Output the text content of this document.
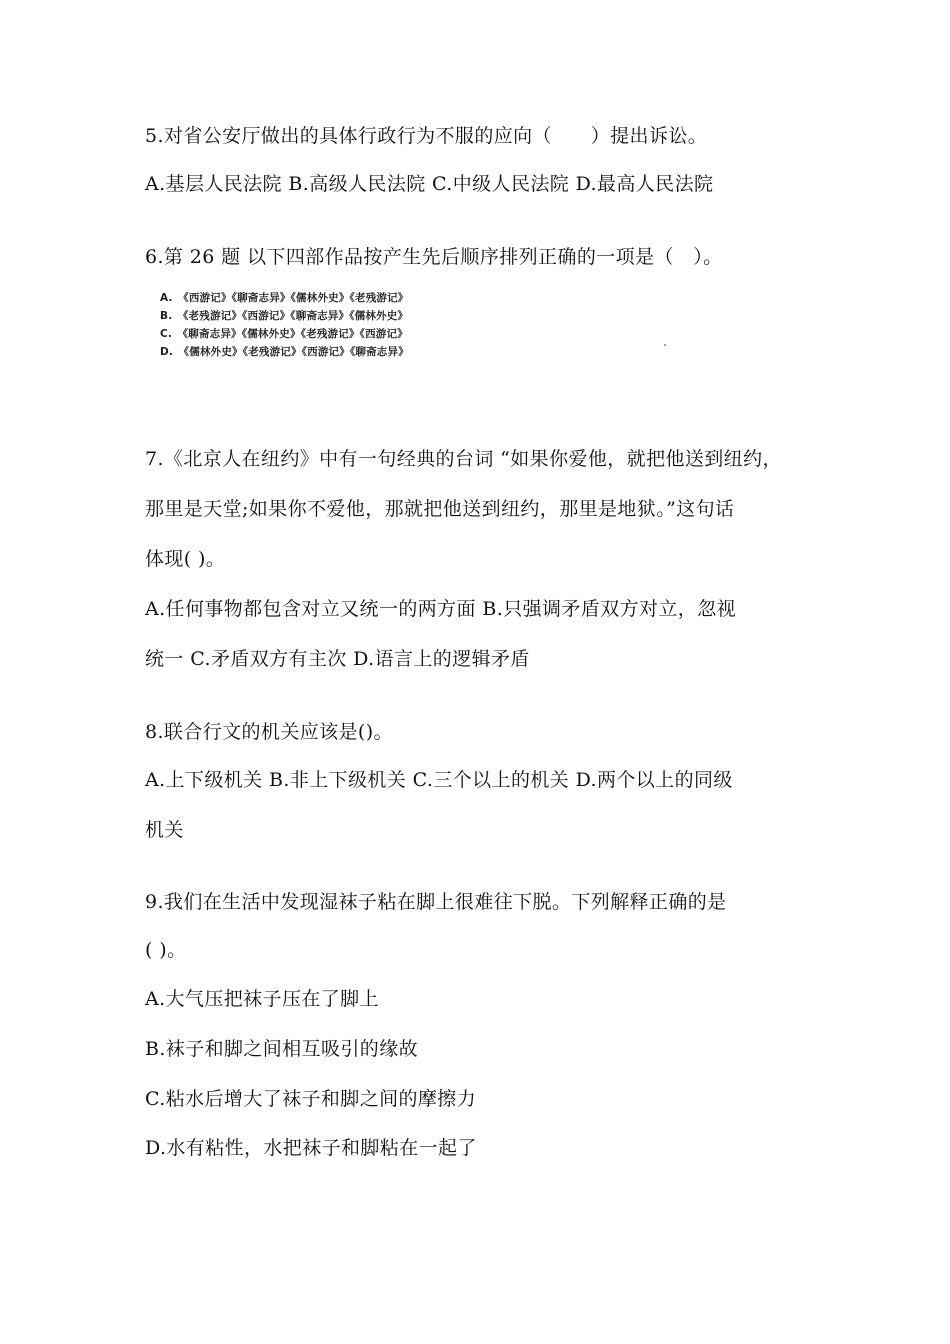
5.对省公安厅做出的具体行政行为不服的应向（　　）提出诉讼。
A.基层人民法院 B.高级人民法院 C.中级人民法院 D.最高人民法院
6.第 26 题 以下四部作品按产生先后顺序排列正确的一项是（　）。
A.　《西游记》《聊斋志异》《儒林外史》《老残游记》
B.　《老残游记》《西游记》《聊斋志异》《儒林外史》
C.　《聊斋志异》《儒林外史》《老残游记》《西游记》
D.　《儒林外史》《老残游记》《西游记》《聊斋志异》
7.《北京人在纽约》中有一句经典的台词 “如果你爱他，就把他送到纽约，
那里是天堂;如果你不爱他，那就把他送到纽约，那里是地狱。”这句话
体现( )。
A.任何事物都包含对立又统一的两方面 B.只强调矛盾双方对立，忽视
统一 C.矛盾双方有主次 D.语言上的逻辑矛盾
8.联合行文的机关应该是()。
A.上下级机关 B.非上下级机关 C.三个以上的机关 D.两个以上的同级
机关
9.我们在生活中发现湿袜子粘在脚上很难往下脱。下列解释正确的是
( )。
A.大气压把袜子压在了脚上
B.袜子和脚之间相互吸引的缘故
C.粘水后增大了袜子和脚之间的摩擦力
D.水有粘性，水把袜子和脚粘在一起了
